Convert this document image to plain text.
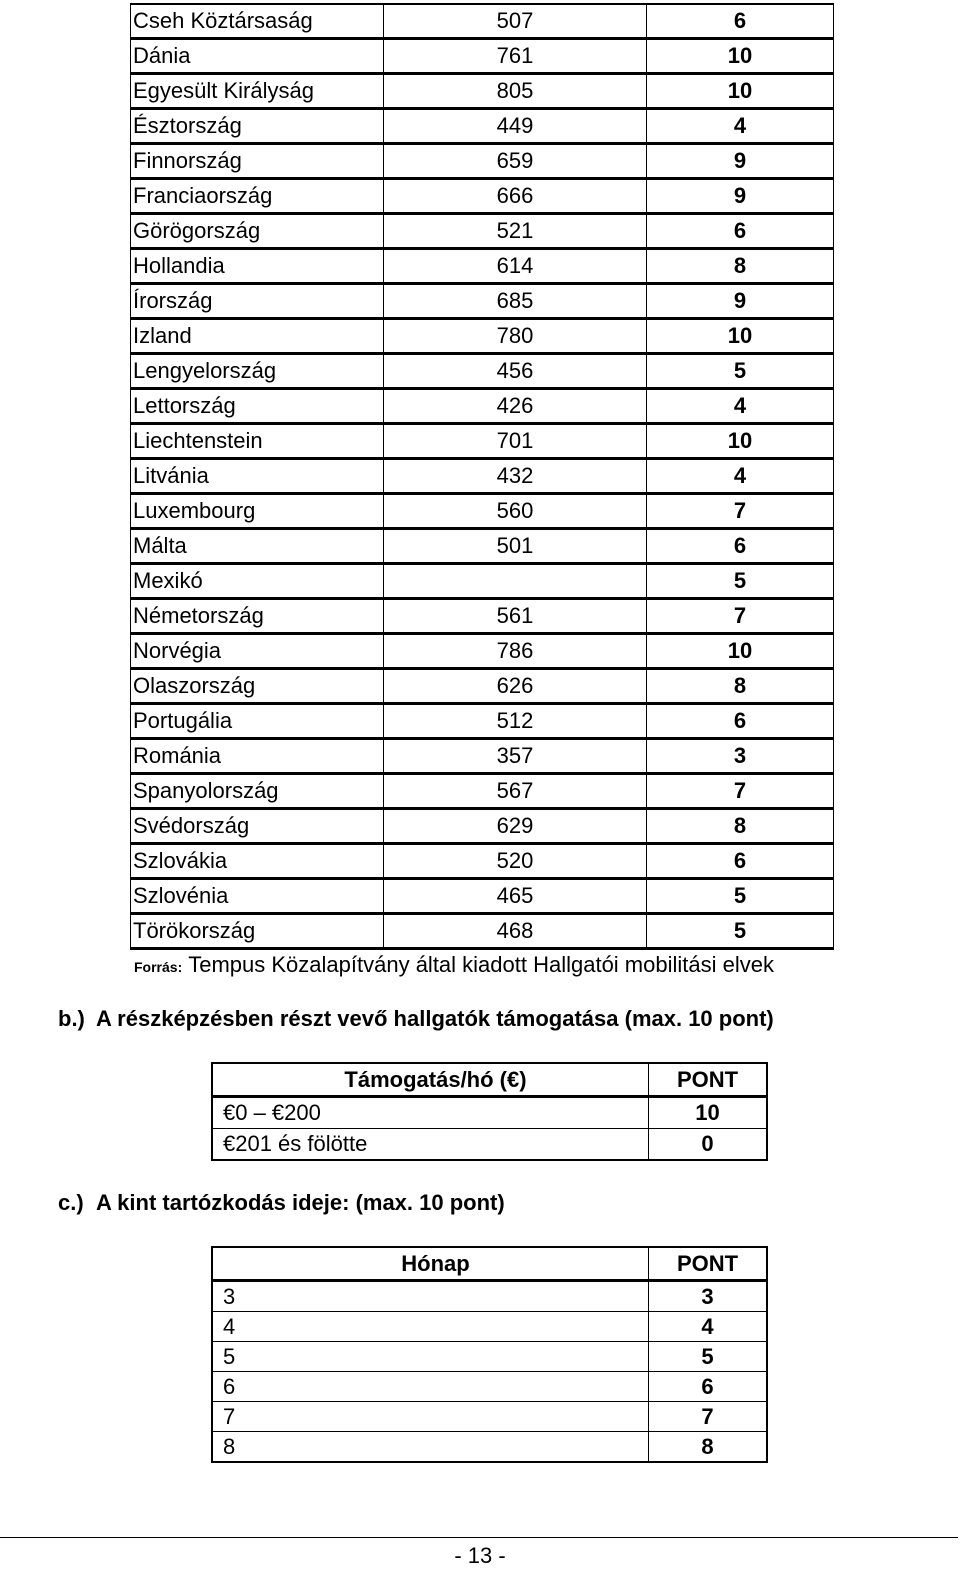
Cseh Köztársaság	507	6
Dánia	761	10
Egyesült Királyság	805	10
Észtország	449	4
Finnország	659	9
Franciaország	666	9
Görögország	521	6
Hollandia	614	8
Írország	685	9
Izland	780	10
Lengyelország	456	5
Lettország	426	4
Liechtenstein	701	10
Litvánia	432	4
Luxembourg	560	7
Málta	501	6
Mexikó		5
Németország	561	7
Norvégia	786	10
Olaszország	626	8
Portugália	512	6
Románia	357	3
Spanyolország	567	7
Svédország	629	8
Szlovákia	520	6
Szlovénia	465	5
Törökország	468	5
Forrás: Tempus Közalapítvány által kiadott Hallgatói mobilitási elvek
b.) A részképzésben részt vevő hallgatók támogatása (max. 10 pont)
Támogatás/hó (€)	PONT
€0 – €200	10
€201 és fölötte	0
c.) A kint tartózkodás ideje: (max. 10 pont)
Hónap	PONT
3	3
4	4
5	5
6	6
7	7
8	8
- 13 -
